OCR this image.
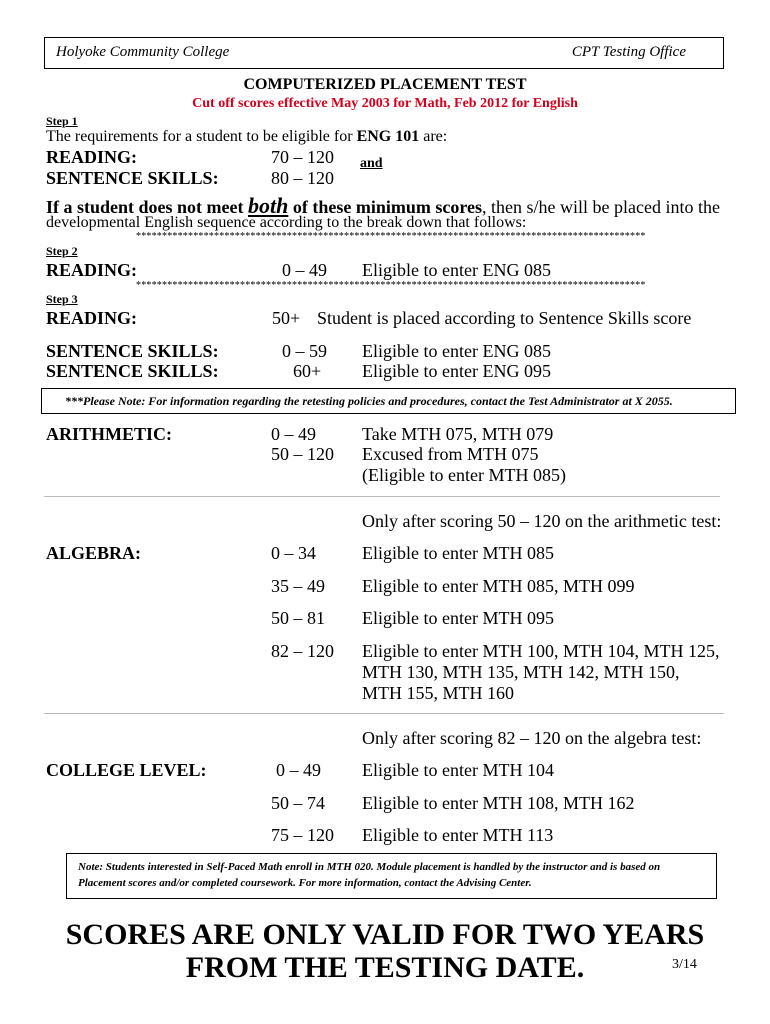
Holyoke Community College	CPT Testing Office
COMPUTERIZED PLACEMENT TEST
Cut off scores effective May 2003 for Math, Feb 2012 for English
Step 1
The requirements for a student to be eligible for ENG 101 are:
READING:	70 – 120 and
SENTENCE SKILLS:	80 – 120
If a student does not meet both of these minimum scores, then s/he will be placed into the
developmental English sequence according to the break down that follows:
**************************************************************************************************
Step 2
READING:	0 – 49 Eligible to enter ENG 085
**************************************************************************************************
Step 3
READING:	50+ Student is placed according to Sentence Skills score
SENTENCE SKILLS:	0 – 59 Eligible to enter ENG 085
SENTENCE SKILLS:	60+ Eligible to enter ENG 095
***Please Note: For information regarding the retesting policies and procedures, contact the Test Administrator at X 2055.
ARITHMETIC:	0 – 49	Take MTH 075, MTH 079
50 – 120 Excused from MTH 075
(Eligible to enter MTH 085)
Only after scoring 50 – 120 on the arithmetic test:
ALGEBRA:	0 – 34	Eligible to enter MTH 085
35 – 49 Eligible to enter MTH 085, MTH 099
50 – 81 Eligible to enter MTH 095
82 – 120 Eligible to enter MTH 100, MTH 104, MTH 125,
MTH 130, MTH 135, MTH 142, MTH 150,
MTH 155, MTH 160
Only after scoring 82 – 120 on the algebra test:
COLLEGE LEVEL:	0 – 49 Eligible to enter MTH 104
50 – 74 Eligible to enter MTH 108, MTH 162
75 – 120 Eligible to enter MTH 113
Note: Students interested in Self-Paced Math enroll in MTH 020. Module placement is handled by the instructor and is based on Placement scores and/or completed coursework. For more information, contact the Advising Center.
SCORES ARE ONLY VALID FOR TWO YEARS
FROM THE TESTING DATE.	3/14
